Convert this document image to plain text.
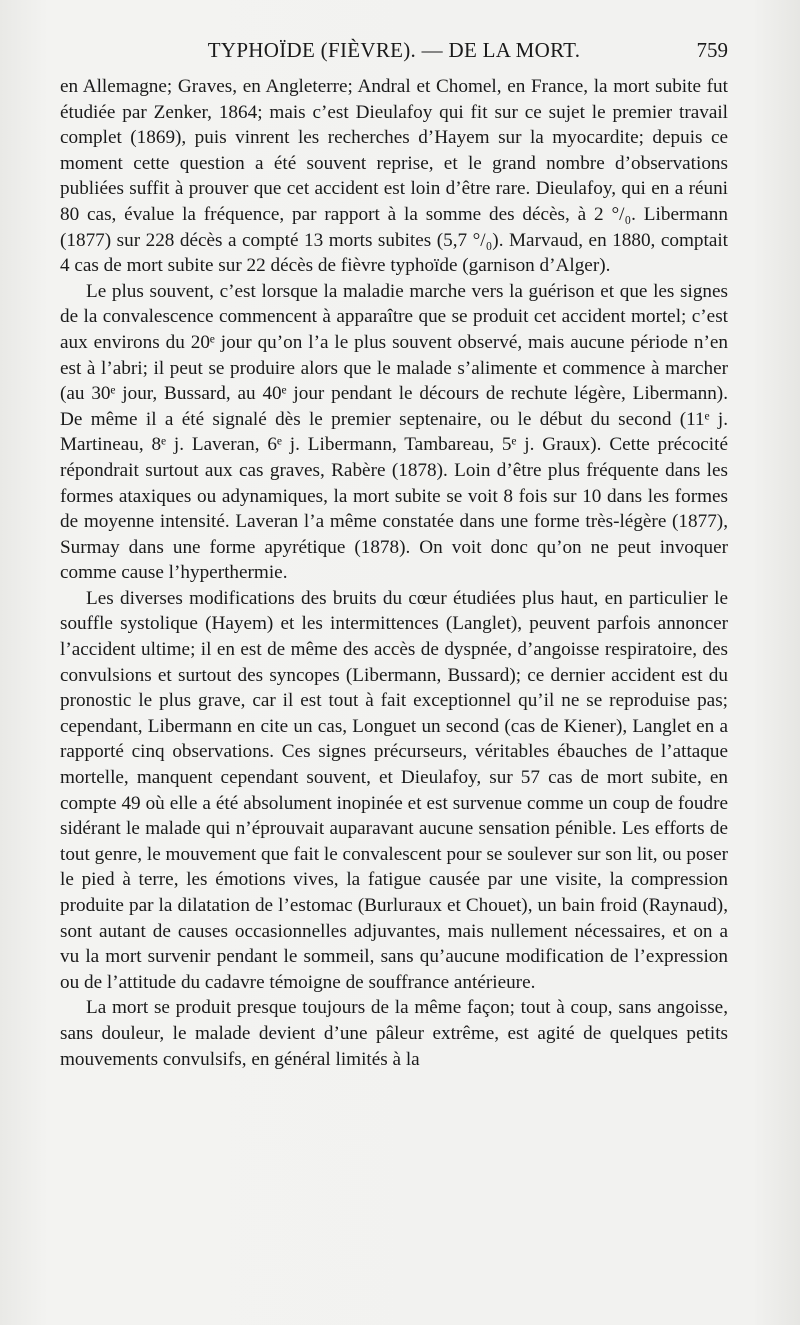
TYPHOÏDE (FIÈVRE). — DE LA MORT.	759

en Allemagne; Graves, en Angleterre; Andral et Chomel, en France, la mort subite fut étudiée par Zenker, 1864; mais c’est Dieulafoy qui fit sur ce sujet le premier travail complet (1869), puis vinrent les recherches d’Hayem sur la myocardite; depuis ce moment cette question a été souvent reprise, et le grand nombre d’observations publiées suffit à prouver que cet accident est loin d’être rare. Dieulafoy, qui en a réuni 80 cas, évalue la fréquence, par rapport à la somme des décès, à 2 °/₀. Libermann (1877) sur 228 décès a compté 13 morts subites (5,7 °/₀). Marvaud, en 1880, comptait 4 cas de mort subite sur 22 décès de fièvre typhoïde (garnison d’Alger).

Le plus souvent, c’est lorsque la maladie marche vers la guérison et que les signes de la convalescence commencent à apparaître que se produit cet accident mortel; c’est aux environs du 20ᵉ jour qu’on l’a le plus souvent observé, mais aucune période n’en est à l’abri; il peut se produire alors que le malade s’alimente et commence à marcher (au 30ᵉ jour, Bussard, au 40ᵉ jour pendant le décours de rechute légère, Libermann). De même il a été signalé dès le premier septenaire, ou le début du second (11ᵉ j. Martineau, 8ᵉ j. Laveran, 6ᵉ j. Libermann, Tambareau, 5ᵉ j. Graux). Cette précocité répondrait surtout aux cas graves, Rabère (1878). Loin d’être plus fréquente dans les formes ataxiques ou adynamiques, la mort subite se voit 8 fois sur 10 dans les formes de moyenne intensité. Laveran l’a même constatée dans une forme très-légère (1877), Surmay dans une forme apyrétique (1878). On voit donc qu’on ne peut invoquer comme cause l’hyperthermie.

Les diverses modifications des bruits du cœur étudiées plus haut, en particulier le souffle systolique (Hayem) et les intermittences (Langlet), peuvent parfois annoncer l’accident ultime; il en est de même des accès de dyspnée, d’angoisse respiratoire, des convulsions et surtout des syncopes (Libermann, Bussard); ce dernier accident est du pronostic le plus grave, car il est tout à fait exceptionnel qu’il ne se reproduise pas; cependant, Libermann en cite un cas, Longuet un second (cas de Kiener), Langlet en a rapporté cinq observations. Ces signes précurseurs, véritables ébauches de l’attaque mortelle, manquent cependant souvent, et Dieulafoy, sur 57 cas de mort subite, en compte 49 où elle a été absolument inopinée et est survenue comme un coup de foudre sidérant le malade qui n’éprouvait auparavant aucune sensation pénible. Les efforts de tout genre, le mouvement que fait le convalescent pour se soulever sur son lit, ou poser le pied à terre, les émotions vives, la fatigue causée par une visite, la compression produite par la dilatation de l’estomac (Burluraux et Chouet), un bain froid (Raynaud), sont autant de causes occasionnelles adjuvantes, mais nullement nécessaires, et on a vu la mort survenir pendant le sommeil, sans qu’aucune modification de l’expression ou de l’attitude du cadavre témoigne de souffrance antérieure.

La mort se produit presque toujours de la même façon; tout à coup, sans angoisse, sans douleur, le malade devient d’une pâleur extrême, est agité de quelques petits mouvements convulsifs, en général limités à la
